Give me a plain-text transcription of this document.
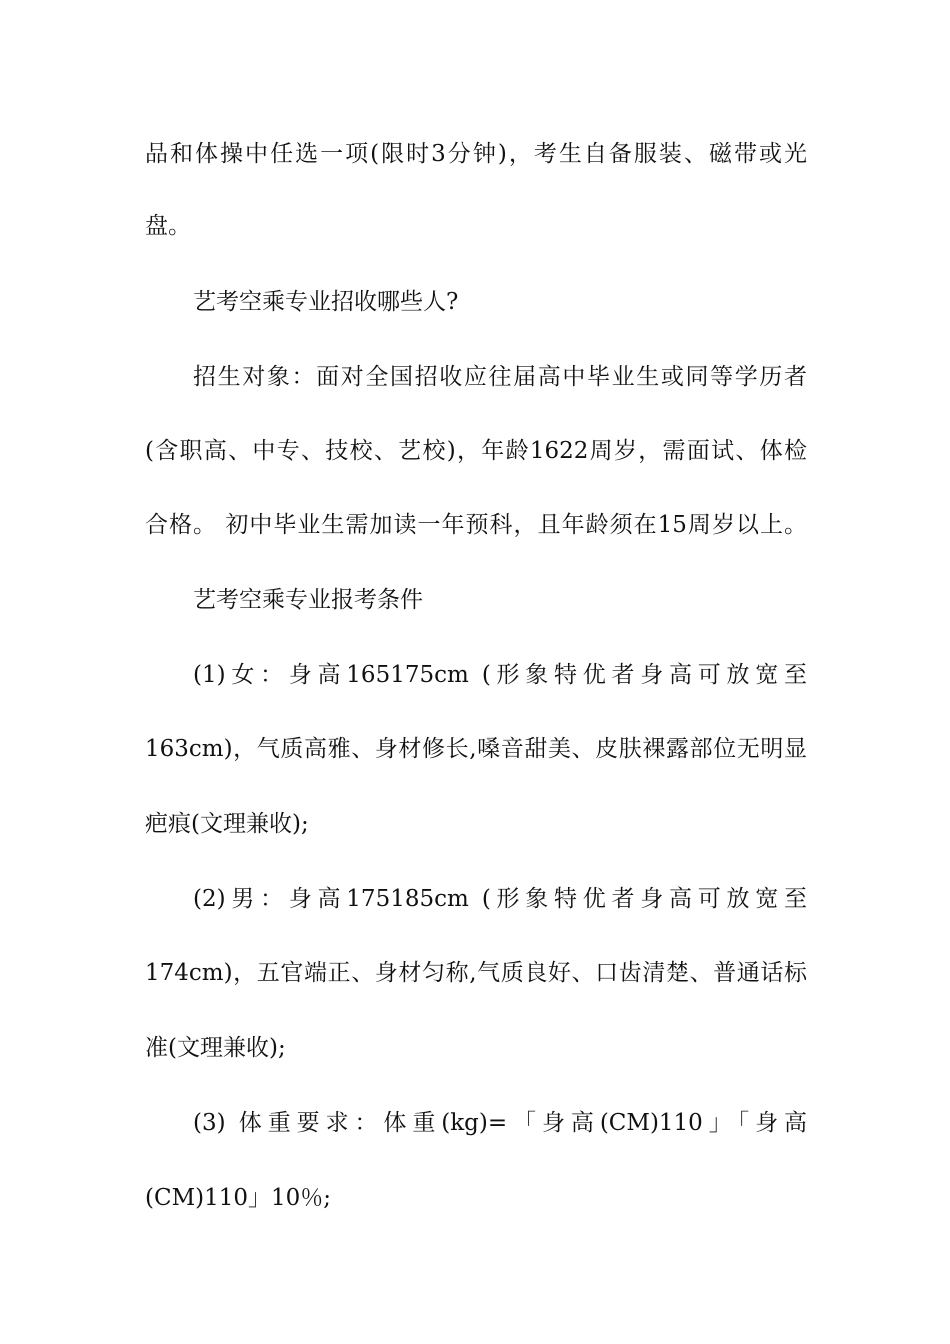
品和体操中任选一项(限时3分钟)，考生自备服装、磁带或光
盘。
艺考空乘专业招收哪些人?
招生对象：面对全国招收应往届高中毕业生或同等学历者
(含职高、中专、技校、艺校)，年龄1622周岁，需面试、体检
合格。 初中毕业生需加读一年预科，且年龄须在15周岁以上。
艺考空乘专业报考条件
(1)女：身高165175cm (形象特优者身高可放宽至
163cm)，气质高雅、身材修长,嗓音甜美、皮肤裸露部位无明显
疤痕(文理兼收);
(2)男：身高175185cm (形象特优者身高可放宽至
174cm)，五官端正、身材匀称,气质良好、口齿清楚、普通话标
准(文理兼收);
(3) 体重要求：体重(kg)=「身高(CM)110」「身高
(CM)110」10％;
